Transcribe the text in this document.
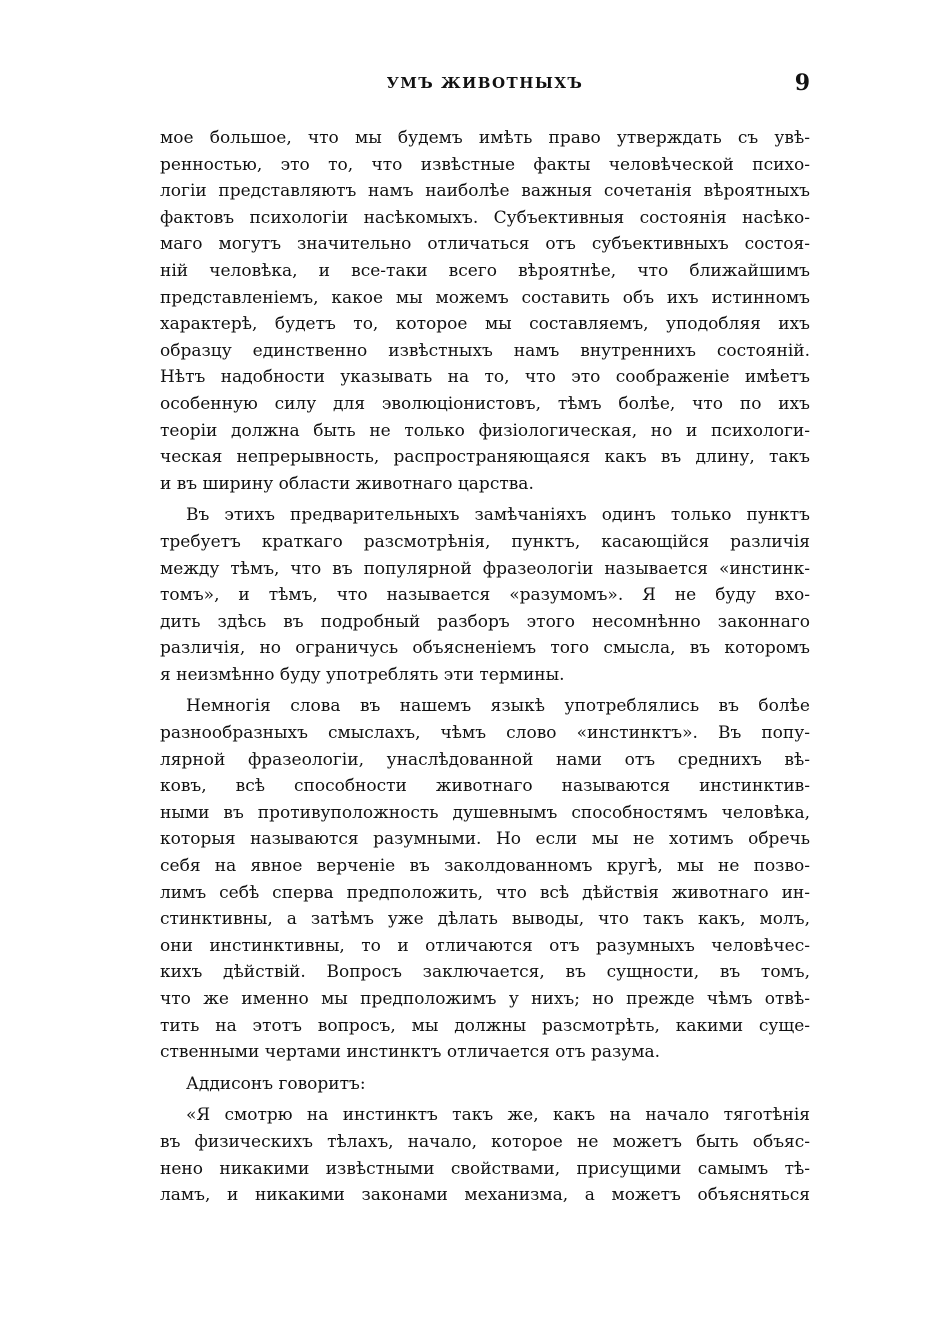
УМЪ ЖИВОТНЫХЪ	9
мое большое, что мы будемъ имѣть право утверждать съ увѣ-
ренностью, это то, что извѣстные факты человѣческой психо-
логіи представляютъ намъ наиболѣе важныя сочетанія вѣроятныхъ
фактовъ психологіи насѣкомыхъ. Субъективныя состоянія насѣко-
маго могутъ значительно отличаться отъ субъективныхъ состоя-
ній человѣка, и все-таки всего вѣроятнѣе, что ближайшимъ
представленіемъ, какое мы можемъ составить объ ихъ истинномъ
характерѣ, будетъ то, которое мы составляемъ, уподобляя ихъ
образцу единственно извѣстныхъ намъ внутреннихъ состояній.
Нѣтъ надобности указывать на то, что это соображеніе имѣетъ
особенную силу для эволюціонистовъ, тѣмъ болѣе, что по ихъ
теоріи должна быть не только физіологическая, но и психологи-
ческая непрерывность, распространяющаяся какъ въ длину, такъ
и въ ширину области животнаго царства.
Въ этихъ предварительныхъ замѣчаніяхъ одинъ только пунктъ
требуетъ краткаго разсмотрѣнія, пунктъ, касающійся различія
между тѣмъ, что въ популярной фразеологіи называется «инстинк-
томъ», и тѣмъ, что называется «разумомъ». Я не буду вхо-
дить здѣсь въ подробный разборъ этого несомнѣнно законнаго
различія, но ограничусь объясненіемъ того смысла, въ которомъ
я неизмѣнно буду употреблять эти термины.
Немногія слова въ нашемъ языкѣ употреблялись въ болѣе
разнообразныхъ смыслахъ, чѣмъ слово «инстинктъ». Въ попу-
лярной фразеологіи, унаслѣдованной нами отъ среднихъ вѣ-
ковъ, всѣ способности животнаго называются инстинктив-
ными въ противуположность душевнымъ способностямъ человѣка,
которыя называются разумными. Но если мы не хотимъ обречь
себя на явное верченіе въ заколдованномъ кругѣ, мы не позво-
лимъ себѣ сперва предположить, что всѣ дѣйствія животнаго ин-
стинктивны, а затѣмъ уже дѣлать выводы, что такъ какъ, молъ,
они инстинктивны, то и отличаются отъ разумныхъ человѣчес-
кихъ дѣйствій. Вопросъ заключается, въ сущности, въ томъ,
что же именно мы предположимъ у нихъ; но прежде чѣмъ отвѣ-
тить на этотъ вопросъ, мы должны разсмотрѣть, какими суще-
ственными чертами инстинктъ отличается отъ разума.
Аддисонъ говоритъ:
«Я смотрю на инстинктъ такъ же, какъ на начало тяготѣнія
въ физическихъ тѣлахъ, начало, которое не можетъ быть объяс-
нено никакими извѣстными свойствами, присущими самымъ тѣ-
ламъ, и никакими законами механизма, а можетъ объясняться
